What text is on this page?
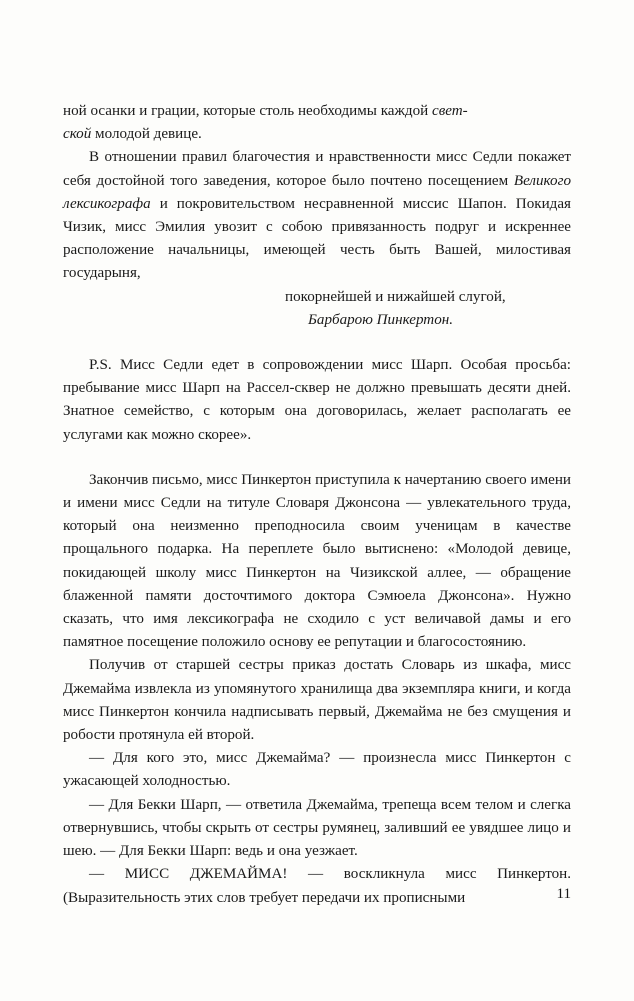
ной осанки и грации, которые столь необходимы каждой свет-
ской молодой девице.

В отношении правил благочестия и нравственности мисс Седли покажет себя достойной того заведения, которое было почтено посещением Великого лексикографа и покровительством несравненной миссис Шапон. Покидая Чизик, мисс Эмилия увозит с собою привязанность подруг и искреннее расположение начальницы, имеющей честь быть Вашей, милостивая государыня,

покорнейшей и нижайшей слугой,

Барбарою Пинкертон.

P.S. Мисс Седли едет в сопровождении мисс Шарп. Особая просьба: пребывание мисс Шарп на Рассел-сквер не должно превышать десяти дней. Знатное семейство, с которым она договорилась, желает располагать ее услугами как можно скорее».

Закончив письмо, мисс Пинкертон приступила к начертанию своего имени и имени мисс Седли на титуле Словаря Джонсона — увлекательного труда, который она неизменно преподносила своим ученицам в качестве прощального подарка. На переплете было вытиснено: «Молодой девице, покидающей школу мисс Пинкертон на Чизикской аллее, — обращение блаженной памяти досточтимого доктора Сэмюела Джонсона». Нужно сказать, что имя лексикографа не сходило с уст величавой дамы и его памятное посещение положило основу ее репутации и благосостоянию.

Получив от старшей сестры приказ достать Словарь из шкафа, мисс Джемайма извлекла из упомянутого хранилища два экземпляра книги, и когда мисс Пинкертон кончила надписывать первый, Джемайма не без смущения и робости протянула ей второй.

— Для кого это, мисс Джемайма? — произнесла мисс Пинкертон с ужасающей холодностью.

— Для Бекки Шарп, — ответила Джемайма, трепеща всем телом и слегка отвернувшись, чтобы скрыть от сестры румянец, заливший ее увядшее лицо и шею. — Для Бекки Шарп: ведь и она уезжает.

— МИСС ДЖЕМАЙМА! — воскликнула мисс Пинкертон. (Выразительность этих слов требует передачи их прописными	11
